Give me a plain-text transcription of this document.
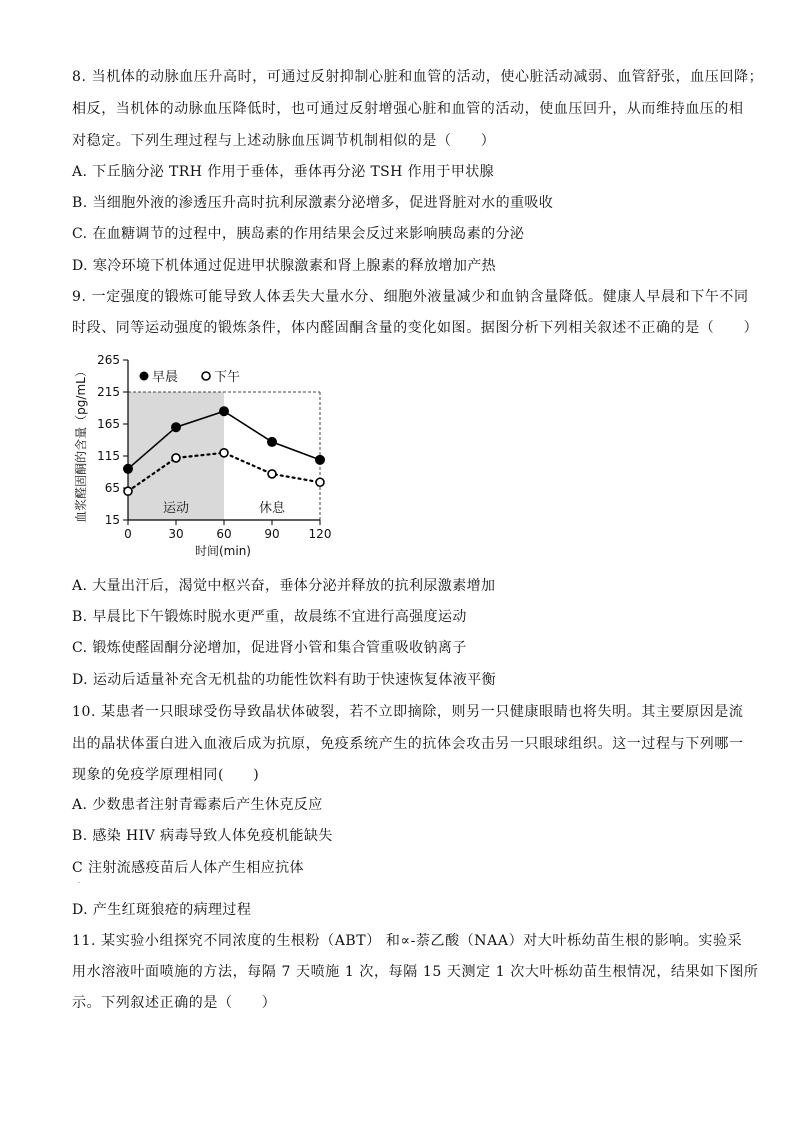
8. 当机体的动脉血压升高时，可通过反射抑制心脏和血管的活动，使心脏活动减弱、血管舒张，血压回降；
相反，当机体的动脉血压降低时，也可通过反射增强心脏和血管的活动，使血压回升，从而维持血压的相
对稳定。下列生理过程与上述动脉血压调节机制相似的是（　　）
A. 下丘脑分泌 TRH 作用于垂体，垂体再分泌 TSH 作用于甲状腺
B. 当细胞外液的渗透压升高时抗利尿激素分泌增多，促进肾脏对水的重吸收
C. 在血糖调节的过程中，胰岛素的作用结果会反过来影响胰岛素的分泌
D. 寒冷环境下机体通过促进甲状腺激素和肾上腺素的释放增加产热
9. 一定强度的锻炼可能导致人体丢失大量水分、细胞外液量减少和血钠含量降低。健康人早晨和下午不同
时段、同等运动强度的锻炼条件，体内醛固酮含量的变化如图。据图分析下列相关叙述不正确的是（　　）
15
65
115
165
215
265
0	30	60	90 120
血浆醛固酮的含量（pg/mL）
时间(min)
运动	休息
早晨	下午
A. 大量出汗后，渴觉中枢兴奋，垂体分泌并释放的抗利尿激素增加
B. 早晨比下午锻炼时脱水更严重，故晨练不宜进行高强度运动
C. 锻炼使醛固酮分泌增加，促进肾小管和集合管重吸收钠离子
D. 运动后适量补充含无机盐的功能性饮料有助于快速恢复体液平衡
10. 某患者一只眼球受伤导致晶状体破裂，若不立即摘除，则另一只健康眼睛也将失明。其主要原因是流
出的晶状体蛋白进入血液后成为抗原，免疫系统产生的抗体会攻击另一只眼球组织。这一过程与下列哪一
现象的免疫学原理相同(　　)
A. 少数患者注射青霉素后产生休克反应
B. 感染 HIV 病毒导致人体免疫机能缺失
C 注射流感疫苗后人体产生相应抗体
.
D. 产生红斑狼疮的病理过程
11. 某实验小组探究不同浓度的生根粉（ABT） 和∝-萘乙酸（NAA）对大叶栎幼苗生根的影响。实验采
用水溶液叶面喷施的方法，每隔 7 天喷施 1 次，每隔 15 天测定 1 次大叶栎幼苗生根情况，结果如下图所
示。下列叙述正确的是（　　）
